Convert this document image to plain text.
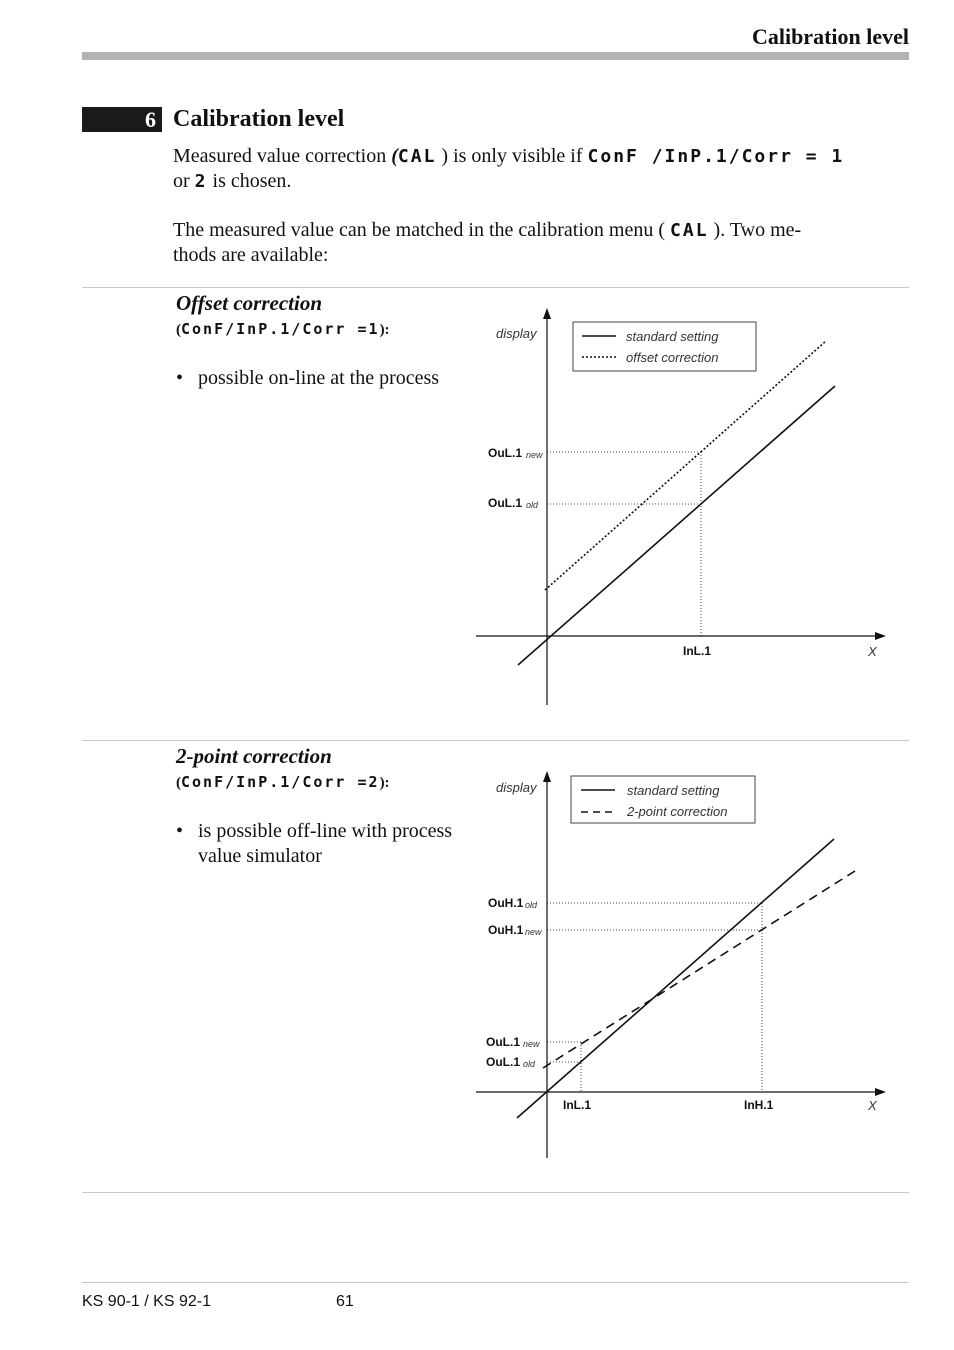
Calibration level
6 Calibration level
Measured value correction (CAL ) is only visible if ConF /InP.1/Corr = 1
or 2 is chosen.
The measured value can be matched in the calibration menu ( CAL ). Two me-
thods are available:
Offset correction
(ConF/InP.1/Corr =1):
• possible on-line at the process
standard setting
offset correction
display
X
OuL.1 new
OuL.1 old
InL.1
2-point correction
(ConF/InP.1/Corr =2):
• is possible off-line with process value simulator
standard setting
2-point correction
display
X
OuH.1 old
OuH.1 new
OuL.1 new
OuL.1 old
InL.1	InH.1
KS 90-1 / KS 92-1	61
